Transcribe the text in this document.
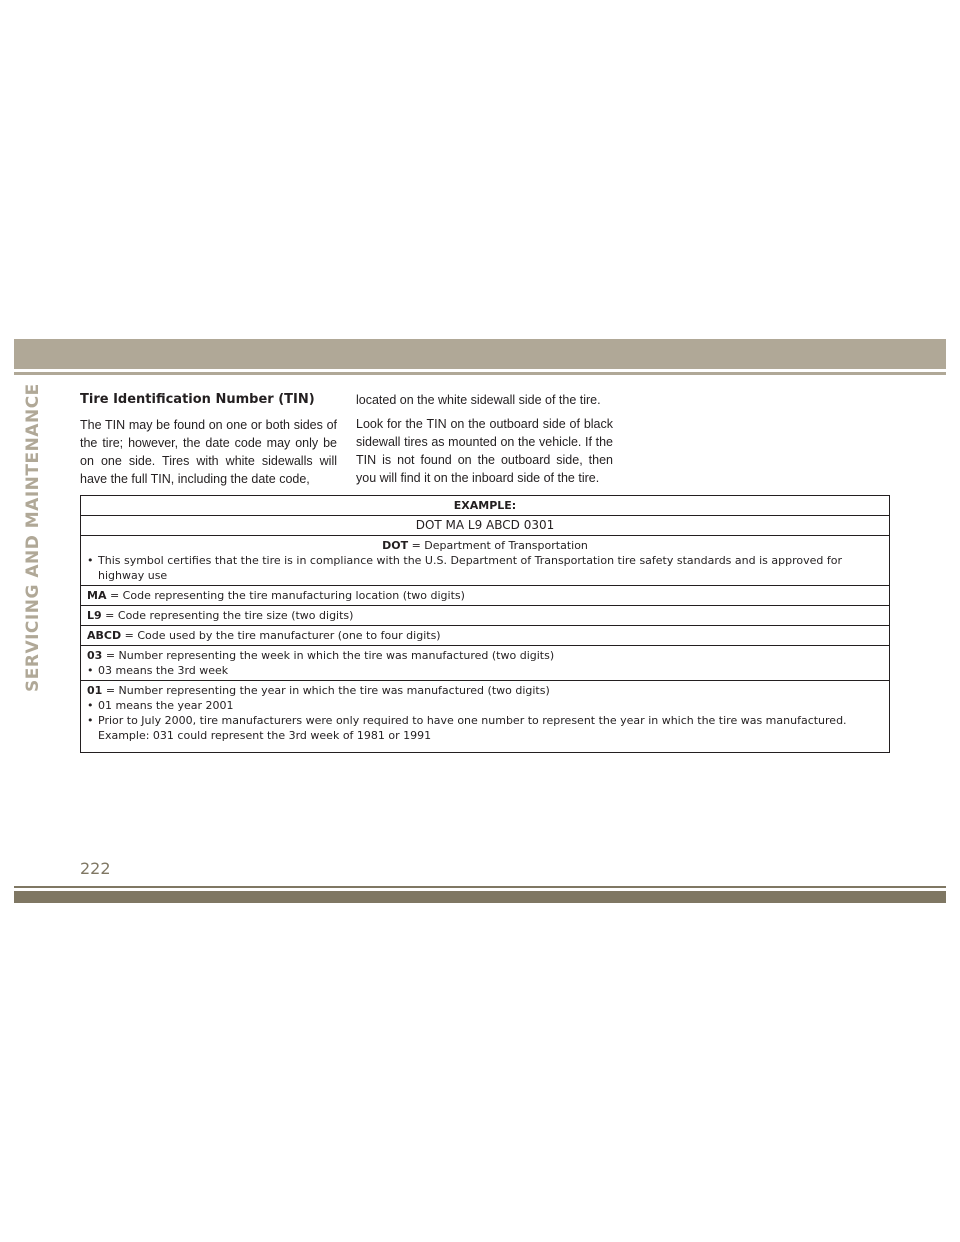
SERVICING AND MAINTENANCE	Tire Identification Number (TIN)

The TIN may be found on one or both sides of the tire; however, the date code may only be on one side. Tires with white sidewalls will have the full TIN, including the date code,

located on the white sidewall side of the tire.

Look for the TIN on the outboard side of black sidewall tires as mounted on the vehicle. If the TIN is not found on the outboard side, then you will find it on the inboard side of the tire.

EXAMPLE:
DOT MA L9 ABCD 0301

DOT = Department of Transportation
• This symbol certifies that the tire is in compliance with the U.S. Department of Transportation tire safety standards and is approved for highway use

MA = Code representing the tire manufacturing location (two digits)
L9 = Code representing the tire size (two digits)
ABCD = Code used by the tire manufacturer (one to four digits)
03 = Number representing the week in which the tire was manufactured (two digits)
• 03 means the 3rd week

01 = Number representing the year in which the tire was manufactured (two digits)
• 01 means the year 2001
• Prior to July 2000, tire manufacturers were only required to have one number to represent the year in which the tire was manufactured. Example: 031 could represent the 3rd week of 1981 or 1991
222
